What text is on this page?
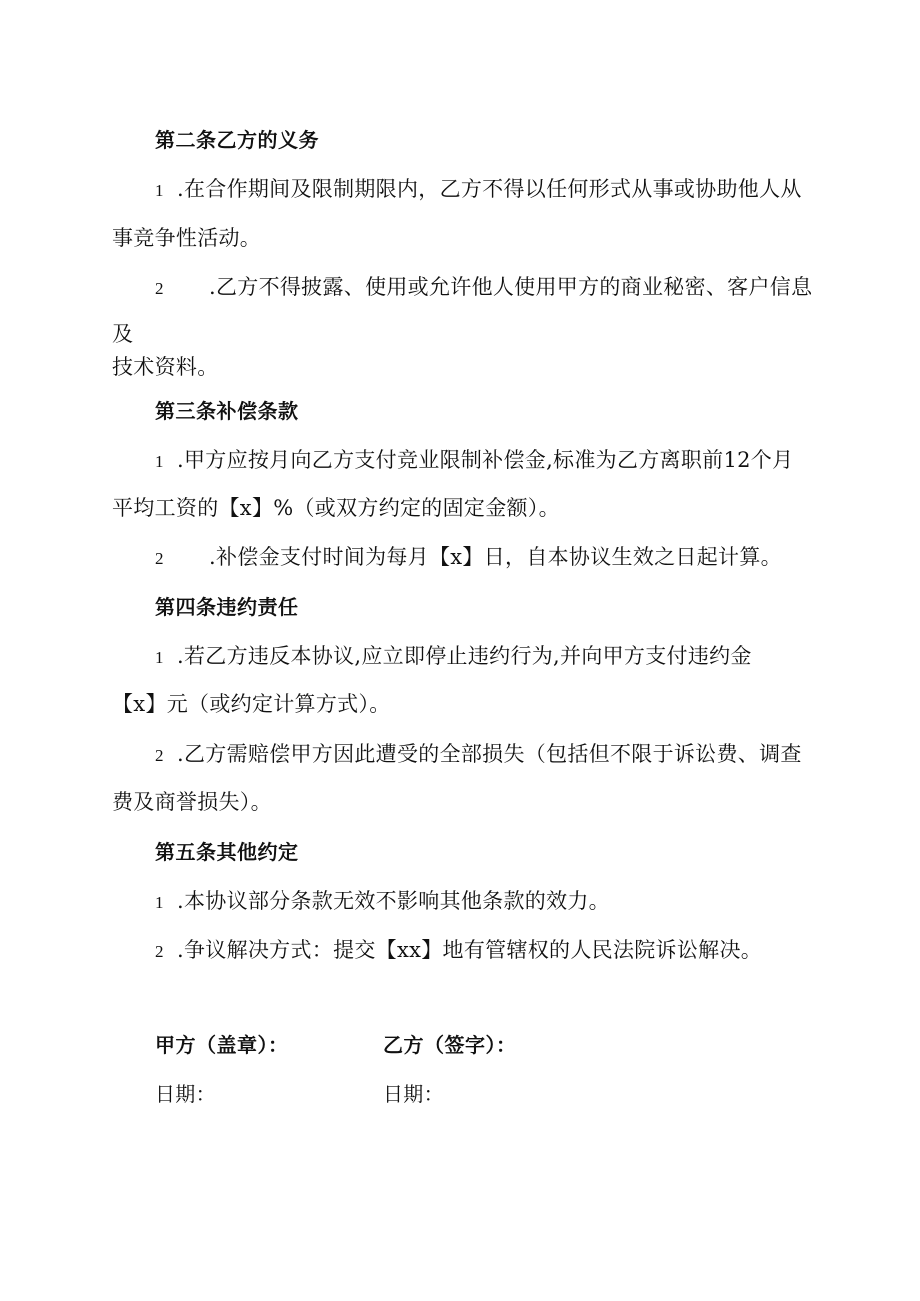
第二条乙方的义务
1 .在合作期间及限制期限内，乙方不得以任何形式从事或协助他人从
事竞争性活动。
2 .乙方不得披露、使用或允许他人使用甲方的商业秘密、客户信息
及
技术资料。
第三条补偿条款
1 .甲方应按月向乙方支付竞业限制补偿金,标准为乙方离职前12个月
平均工资的【x】%（或双方约定的固定金额）。
2 .补偿金支付时间为每月【x】日，自本协议生效之日起计算。
第四条违约责任
1 .若乙方违反本协议,应立即停止违约行为,并向甲方支付违约金
【x】元（或约定计算方式）。
2 .乙方需赔偿甲方因此遭受的全部损失（包括但不限于诉讼费、调查
费及商誉损失）。
第五条其他约定
1 .本协议部分条款无效不影响其他条款的效力。
2 .争议解决方式：提交【xx】地有管辖权的人民法院诉讼解决。
甲方（盖章）：	乙方（签字）：
日期：	日期：
